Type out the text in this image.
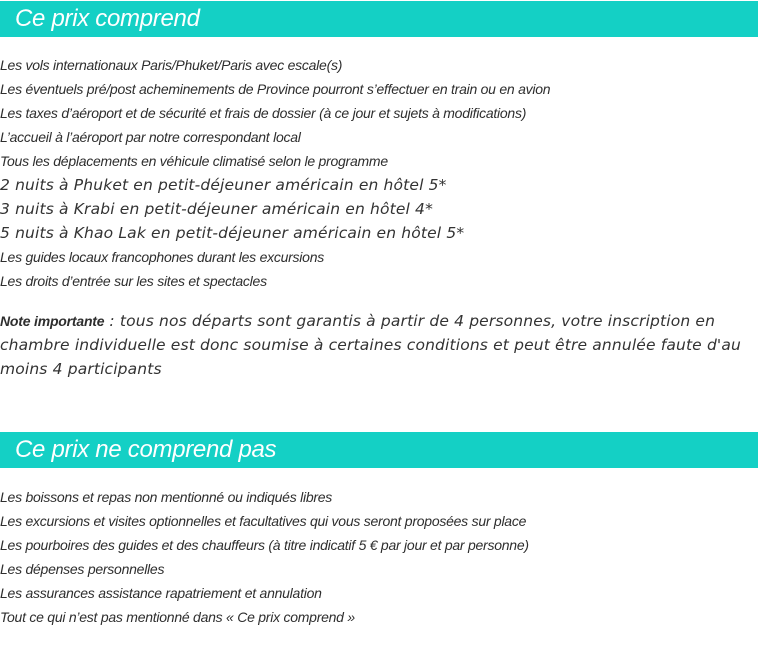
Ce prix comprend
Les vols internationaux Paris/Phuket/Paris avec escale(s)
Les éventuels pré/post acheminements de Province pourront s’effectuer en train ou en avion
Les taxes d’aéroport et de sécurité et frais de dossier (à ce jour et sujets à modifications)
L’accueil à l’aéroport par notre correspondant local
Tous les déplacements en véhicule climatisé selon le programme
2 nuits à Phuket en petit-déjeuner américain en hôtel 5*
3 nuits à Krabi en petit-déjeuner américain en hôtel 4*
5 nuits à Khao Lak en petit-déjeuner américain en hôtel 5*
Les guides locaux francophones durant les excursions
Les droits d’entrée sur les sites et spectacles

Note importante : tous nos départs sont garantis à partir de 4 personnes, votre inscription en chambre individuelle est donc soumise à certaines conditions et peut être annulée faute d'au moins 4 participants

Ce prix ne comprend pas
Les boissons et repas non mentionné ou indiqués libres
Les excursions et visites optionnelles et facultatives qui vous seront proposées sur place
Les pourboires des guides et des chauffeurs (à titre indicatif 5 € par jour et par personne)
Les dépenses personnelles
Les assurances assistance rapatriement et annulation
Tout ce qui n’est pas mentionné dans « Ce prix comprend »
